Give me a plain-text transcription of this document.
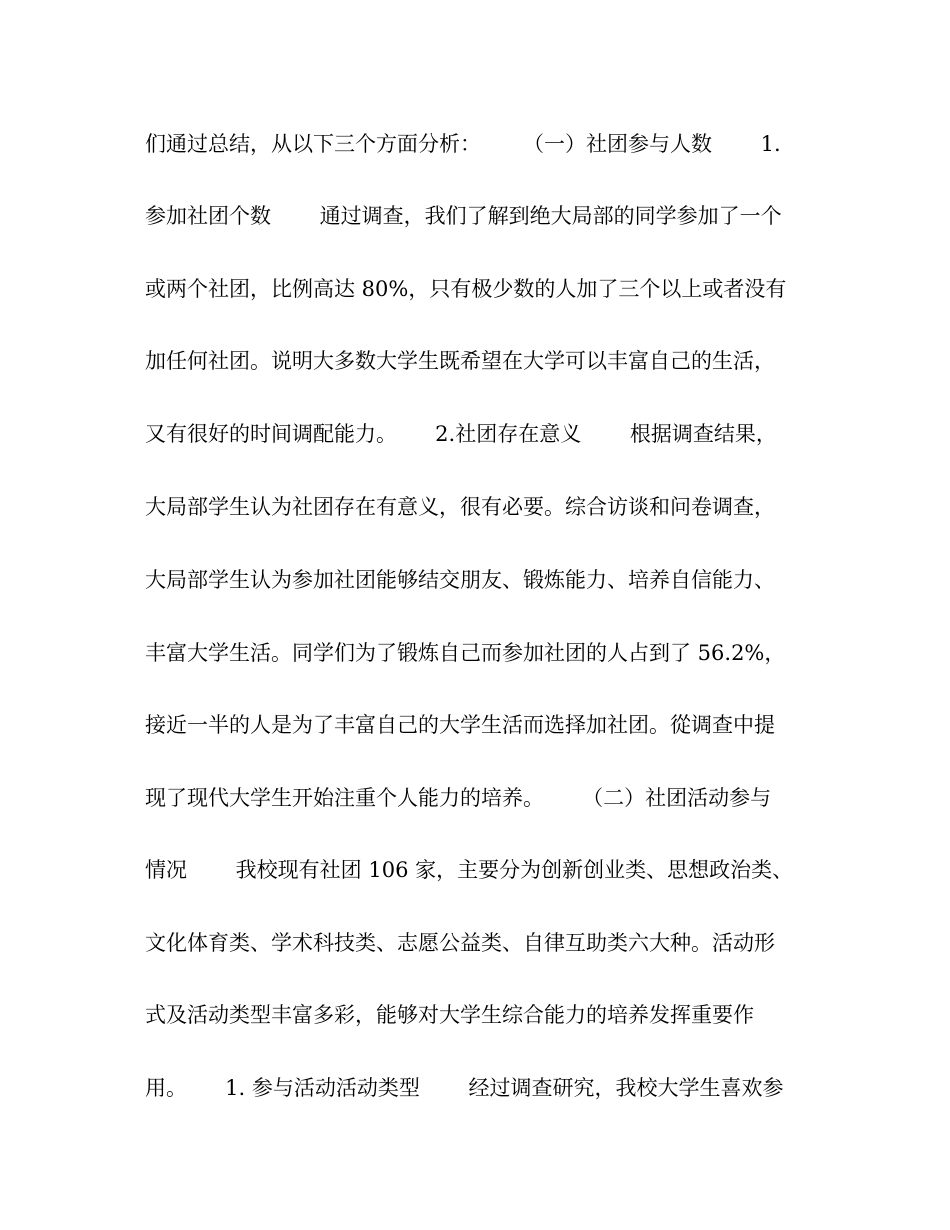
们通过总结，从以下三个方面分析：　　　（一）社团参与人数　　 1.
参加社团个数　　 通过调查，我们了解到绝大局部的同学参加了一个
或两个社团，比例高达 80%，只有极少数的人加了三个以上或者没有
加任何社团。说明大多数大学生既希望在大学可以丰富自己的生活，
又有很好的时间调配能力。　　 2.社团存在意义　　 根据调查结果，
大局部学生认为社团存在有意义，很有必要。综合访谈和问卷调查，
大局部学生认为参加社团能够结交朋友、锻炼能力、培养自信能力、
丰富大学生活。同学们为了锻炼自己而参加社团的人占到了 56.2%，
接近一半的人是为了丰富自己的大学生活而选择加社团。從调查中提
现了现代大学生开始注重个人能力的培养。　　 （二）社团活动参与
情况　　 我校现有社团 106 家，主要分为创新创业类、思想政治类、
文化体育类、学术科技类、志愿公益类、自律互助类六大种。活动形
式及活动类型丰富多彩，能够对大学生综合能力的培养发挥重要作
用。　　 1. 参与活动活动类型　　 经过调查研究，我校大学生喜欢参
